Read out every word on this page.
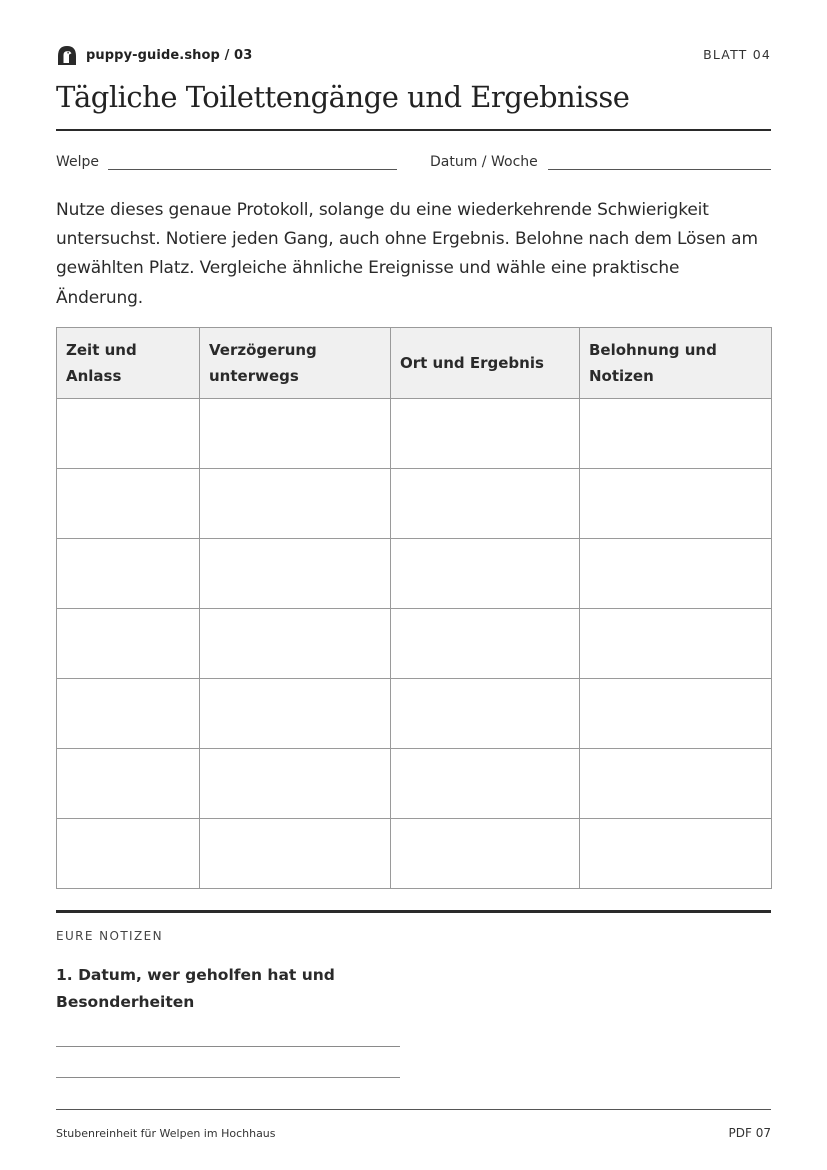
puppy-guide.shop / 03	BLATT 04
Tägliche Toilettengänge und Ergebnisse
Welpe	Datum / Woche

Nutze dieses genaue Protokoll, solange du eine wiederkehrende Schwierigkeit untersuchst. Notiere jeden Gang, auch ohne Ergebnis. Belohne nach dem Lösen am gewählten Platz. Vergleiche ähnliche Ereignisse und wähle eine praktische Änderung.

Zeit und Anlass	Verzögerung unterwegs	Ort und Ergebnis	Belohnung und Notizen

EURE NOTIZEN
1. Datum, wer geholfen hat und Besonderheiten
Stubenreinheit für Welpen im Hochhaus	PDF 07
